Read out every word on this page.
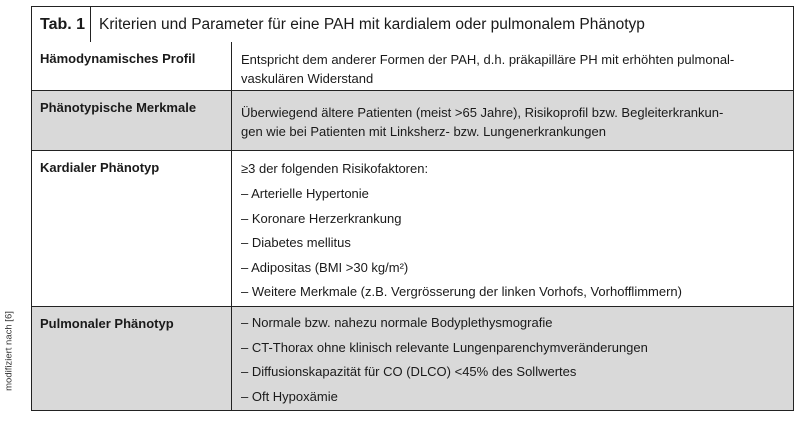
modifiziert nach [6]
Tab. 1 Kriterien und Parameter für eine PAH mit kardialem oder pulmonalem Phänotyp
Hämodynamisches Profil	Entspricht dem anderer Formen der PAH, d.h. präkapilläre PH mit erhöhten pulmonal-
vaskulären Widerstand
Phänotypische Merkmale	Überwiegend ältere Patienten (meist >65 Jahre), Risikoprofil bzw. Begleiterkrankun-
gen wie bei Patienten mit Linksherz- bzw. Lungenerkrankungen
Kardialer Phänotyp	≥3 der folgenden Risikofaktoren:
– Arterielle Hypertonie
– Koronare Herzerkrankung
– Diabetes mellitus
– Adipositas (BMI >30 kg/m²)
– Weitere Merkmale (z.B. Vergrösserung der linken Vorhofs, Vorhofflimmern)
Pulmonaler Phänotyp	– Normale bzw. nahezu normale Bodyplethysmografie
– CT-Thorax ohne klinisch relevante Lungenparenchymveränderungen
– Diffusionskapazität für CO (DLCO) <45% des Sollwertes
– Oft Hypoxämie
